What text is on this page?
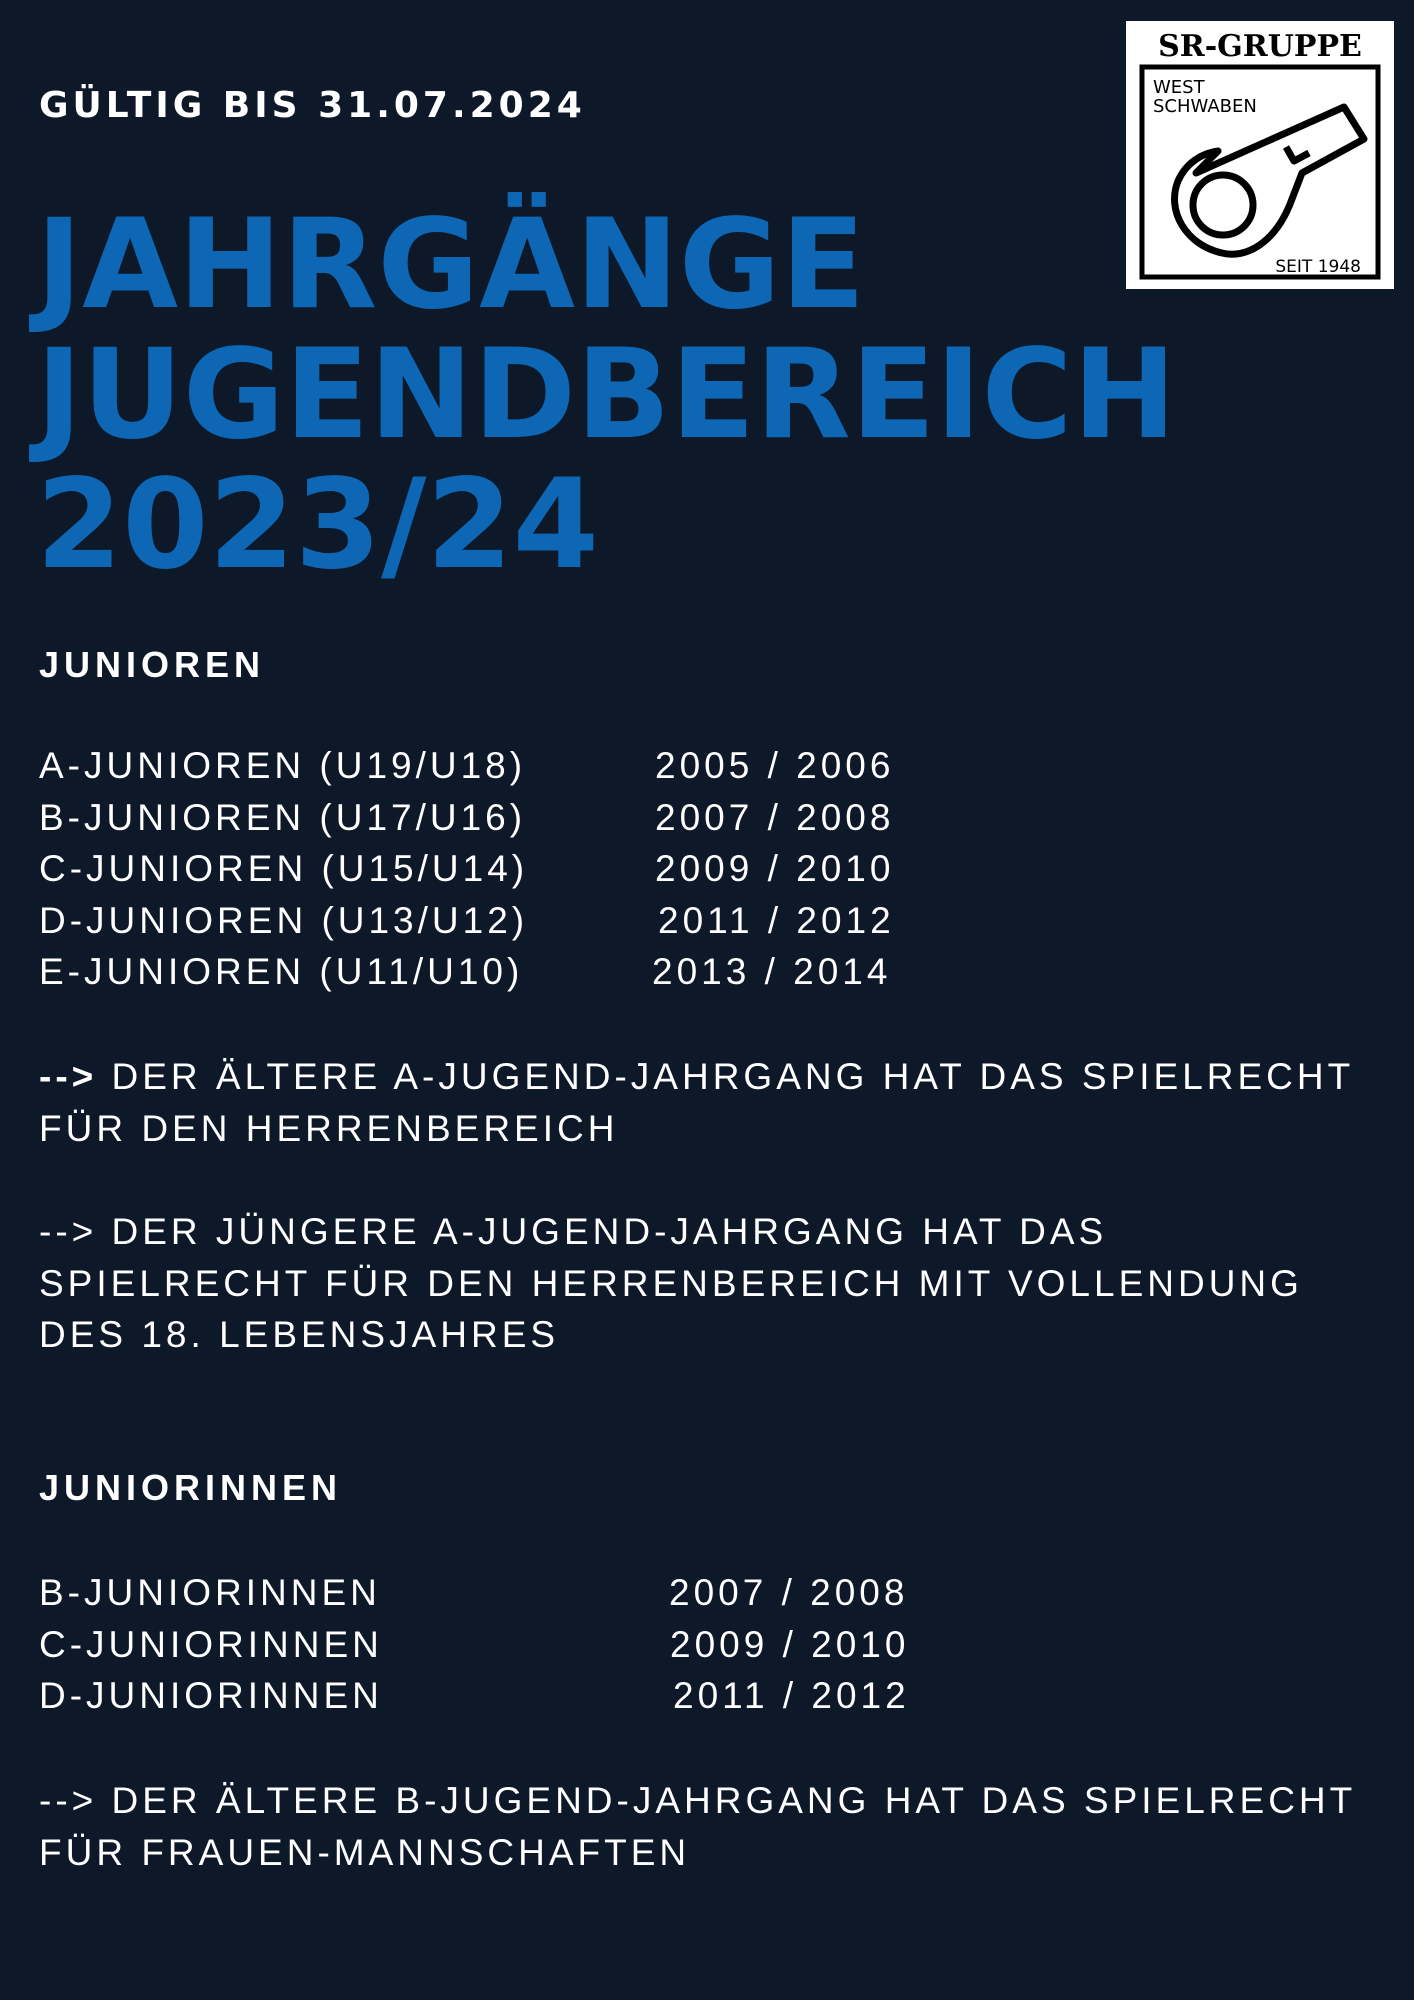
GÜLTIG BIS 31.07.2024
JAHRGÄNGE
JUGENDBEREICH
2023/24
SR-GRUPPE
WEST
SCHWABEN
SEIT 1948
JUNIOREN
A-JUNIOREN (U19/U18)	2005 / 2006
B-JUNIOREN (U17/U16)	2007 / 2008
C-JUNIOREN (U15/U14)	2009 / 2010
D-JUNIOREN (U13/U12)	2011 / 2012
E-JUNIOREN (U11/U10)	2013 / 2014
--> DER ÄLTERE A-JUGEND-JAHRGANG HAT DAS SPIELRECHT FÜR DEN HERRENBEREICH
--> DER JÜNGERE A-JUGEND-JAHRGANG HAT DAS SPIELRECHT FÜR DEN HERRENBEREICH MIT VOLLENDUNG DES 18. LEBENSJAHRES
JUNIORINNEN
B-JUNIORINNEN	2007 / 2008
C-JUNIORINNEN	2009 / 2010
D-JUNIORINNEN	2011 / 2012
--> DER ÄLTERE B-JUGEND-JAHRGANG HAT DAS SPIELRECHT FÜR FRAUEN-MANNSCHAFTEN
